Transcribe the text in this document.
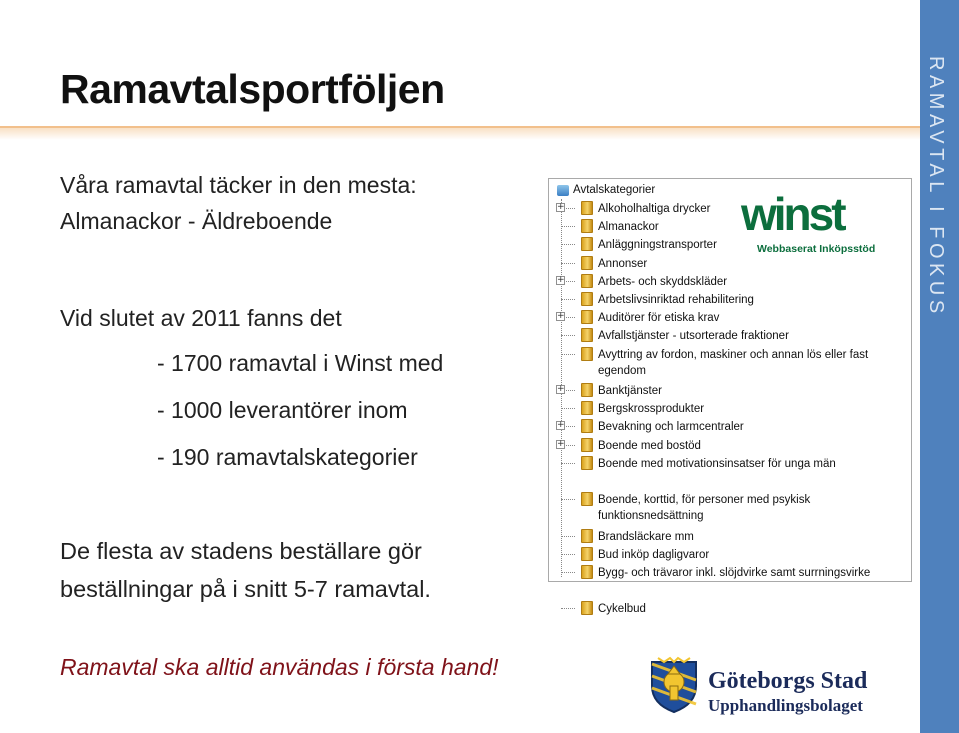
Ramavtalsportföljen	RAMAVTAL I FOKUS
Våra ramavtal täcker in den mesta:
Almanackor - Äldreboende
Vid slutet av 2011 fanns det
- 1700 ramavtal i Winst med
- 1000 leverantörer inom
- 190 ramavtalskategorier
De flesta av stadens beställare gör
beställningar på i snitt 5-7 ramavtal.
Ramavtal ska alltid användas i första hand!
Avtalskategorier
+	Alkoholhaltiga drycker
Almanackor
Anläggningstransporter
Annonser
+	Arbets- och skyddskläder
Arbetslivsinriktad rehabilitering
+	Auditörer för etiska krav
Avfallstjänster - utsorterade fraktioner
Avyttring av fordon, maskiner och annan lös eller fast egendom
+	Banktjänster
Bergskrossprodukter
+	Bevakning och larmcentraler
+	Boende med bostöd
Boende med motivationsinsatser för unga män
Boende, korttid, för personer med psykisk funktionsnedsättning
Brandsläckare mm
Bud inköp dagligvaror
Bygg- och trävaror inkl. slöjdvirke samt surrningsvirke
Cykelbud
winst
Webbaserat Inköpsstöd
Göteborgs Stad
Upphandlingsbolaget
